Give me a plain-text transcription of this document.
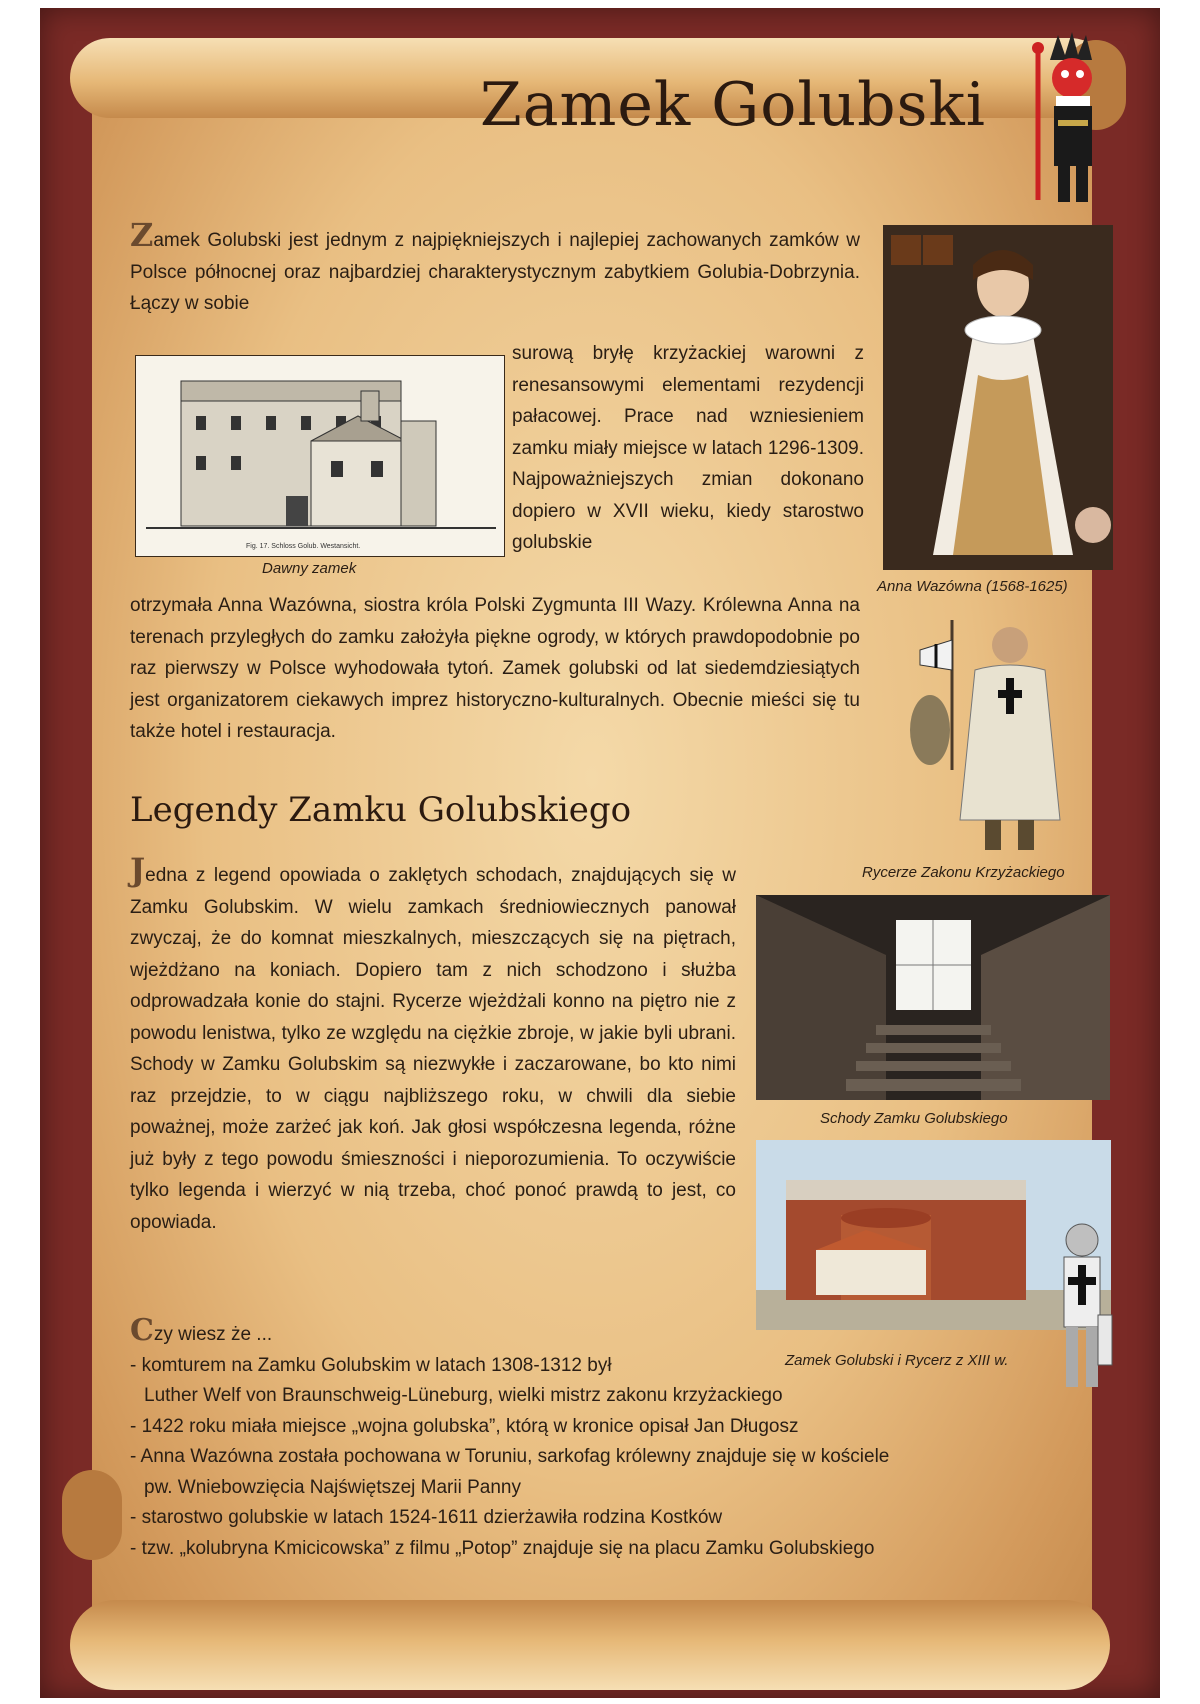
Zamek Golubski

Zamek Golubski jest jednym z najpiękniejszych i najlepiej zachowanych zamków w Polsce północnej oraz najbardziej charakterystycznym zabytkiem Golubia-Dobrzynia. Łączy w sobie

Fig. 17. Schloss Golub. Westansicht.
Dawny zamek

surową bryłę krzyżackiej warowni z renesansowymi elementami rezydencji pałacowej. Prace nad wzniesieniem zamku miały miejsce w latach 1296-1309. Najpoważniejszych zmian dokonano dopiero w XVII wieku, kiedy starostwo golubskie

otrzymała Anna Wazówna, siostra króla Polski Zygmunta III Wazy. Królewna Anna na terenach przyległych do zamku założyła piękne ogrody, w których prawdopodobnie po raz pierwszy w Polsce wyhodowała tytoń. Zamek golubski od lat siedemdziesiątych jest organizatorem ciekawych imprez historyczno-kulturalnych. Obecnie mieści się tu także hotel i restauracja.

Anna Wazówna (1568-1625)
Rycerze Zakonu Krzyżackiego
Legendy Zamku Golubskiego

Jedna z legend opowiada o zaklętych schodach, znajdujących się w Zamku Golubskim. W wielu zamkach średniowiecznych panował zwyczaj, że do komnat mieszkalnych, mieszczących się na piętrach, wjeżdżano na koniach. Dopiero tam z nich schodzono i służba odprowadzała konie do stajni. Rycerze wjeżdżali konno na piętro nie z powodu lenistwa, tylko ze względu na ciężkie zbroje, w jakie byli ubrani. Schody w Zamku Golubskim są niezwykłe i zaczarowane, bo kto nimi raz przejdzie, to w ciągu najbliższego roku, w chwili dla siebie poważnej, może zarżeć jak koń. Jak głosi współczesna legenda, różne już były z tego powodu śmieszności i nieporozumienia. To oczywiście tylko legenda i wierzyć w nią trzeba, choć ponoć prawdą to jest, co opowiada.

Schody Zamku Golubskiego
Zamek Golubski i Rycerz z XIII w.
Czy wiesz że ...
- komturem na Zamku Golubskim w latach 1308-1312 był
Luther Welf von Braunschweig-Lüneburg, wielki mistrz zakonu krzyżackiego
- 1422 roku miała miejsce „wojna golubska”, którą w kronice opisał Jan Długosz
- Anna Wazówna została pochowana w Toruniu, sarkofag królewny znajduje się w kościele
pw. Wniebowzięcia Najświętszej Marii Panny
- starostwo golubskie w latach 1524-1611 dzierżawiła rodzina Kostków
- tzw. „kolubryna Kmicicowska” z filmu „Potop” znajduje się na placu Zamku Golubskiego
